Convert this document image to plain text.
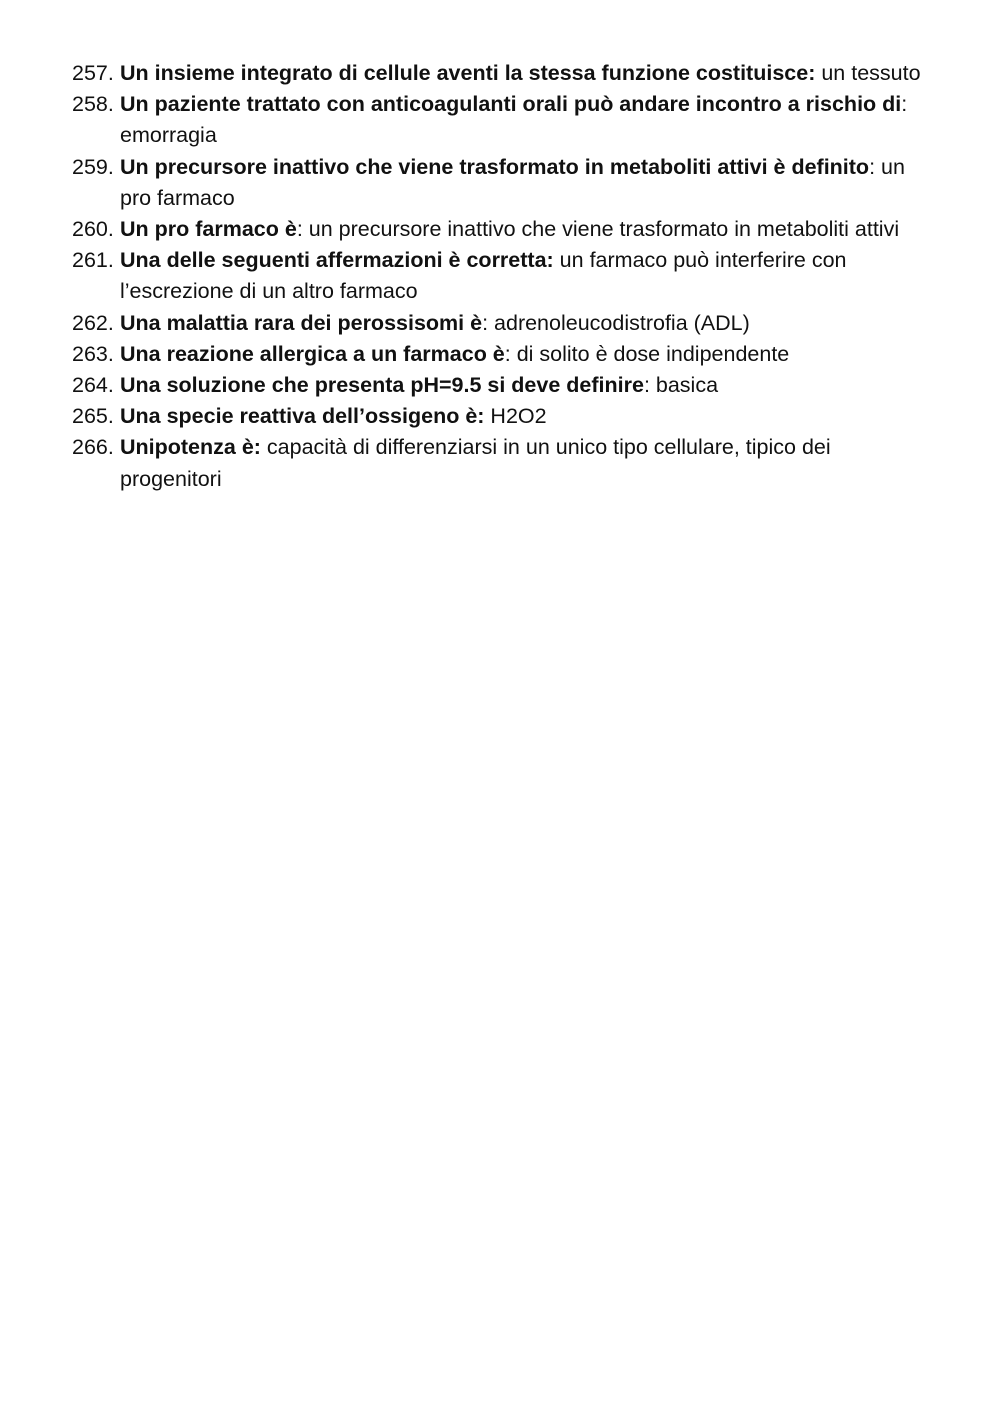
257. Un insieme integrato di cellule aventi la stessa funzione costituisce: un tessuto
258. Un paziente trattato con anticoagulanti orali può andare incontro a rischio di: emorragia
259. Un precursore inattivo che viene trasformato in metaboliti attivi è definito: un pro farmaco
260. Un pro farmaco è: un precursore inattivo che viene trasformato in metaboliti attivi
261. Una delle seguenti affermazioni è corretta: un farmaco può interferire con l’escrezione di un altro farmaco
262. Una malattia rara dei perossisomi è: adrenoleucodistrofia (ADL)
263. Una reazione allergica a un farmaco è: di solito è dose indipendente
264. Una soluzione che presenta pH=9.5 si deve definire: basica
265. Una specie reattiva dell’ossigeno è: H2O2
266. Unipotenza è: capacità di differenziarsi in un unico tipo cellulare, tipico dei progenitori
